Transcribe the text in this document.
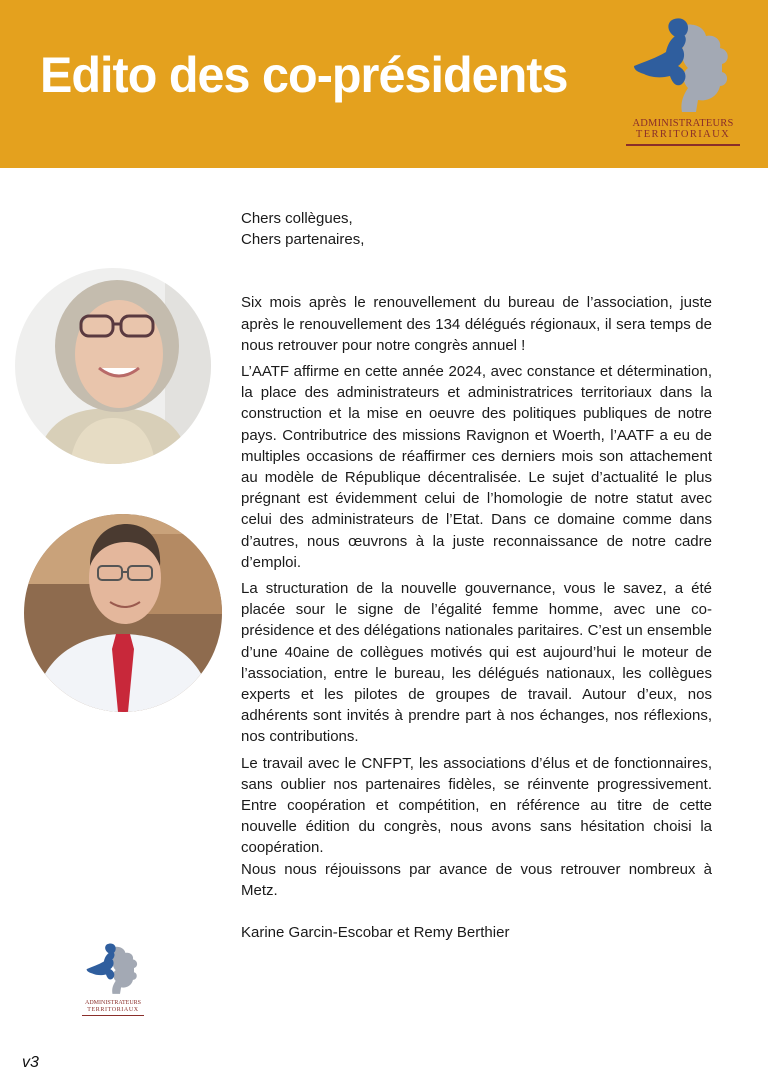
Edito des co-présidents
ADMINISTRATEURS
TERRITORIAUX
Chers collègues,
Chers partenaires,

Six mois après le renouvellement du bureau de l’association, juste après le renouvellement des 134 délégués régionaux, il sera temps de nous retrouver pour notre congrès annuel !

L’AATF affirme en cette année 2024, avec constance et détermination, la place des administrateurs et administratrices territoriaux dans la construction et la mise en oeuvre des politiques publiques de notre pays. Contributrice des missions Ravignon et Woerth, l’AATF a eu de multiples occasions de réaffirmer ces derniers mois son attachement au modèle de République décentralisée. Le sujet d’actualité le plus prégnant est évidemment celui de l’homologie de notre statut avec celui des administrateurs de l’Etat. Dans ce domaine comme dans d’autres, nous œuvrons à la juste reconnaissance de notre cadre d’emploi.

La structuration de la nouvelle gouvernance, vous le savez, a été placée sour le signe de l’égalité femme homme, avec une co-présidence et des délégations nationales paritaires. C’est un ensemble d’une 40aine de collègues motivés qui est aujourd’hui le moteur de l’association, entre le bureau, les délégués nationaux, les collègues experts et les pilotes de groupes de travail. Autour d’eux, nos adhérents sont invités à prendre part à nos échanges, nos réflexions, nos contributions.

Le travail avec le CNFPT, les associations d’élus et de fonctionnaires, sans oublier nos partenaires fidèles, se réinvente progressivement. Entre coopération et compétition, en référence au titre de cette nouvelle édition du congrès, nous avons sans hésitation choisi la coopération.

Nous nous réjouissons par avance de vous retrouver nombreux à Metz.

Karine Garcin-Escobar et Remy Berthier
ADMINISTRATEURS
TERRITORIAUX
v3
